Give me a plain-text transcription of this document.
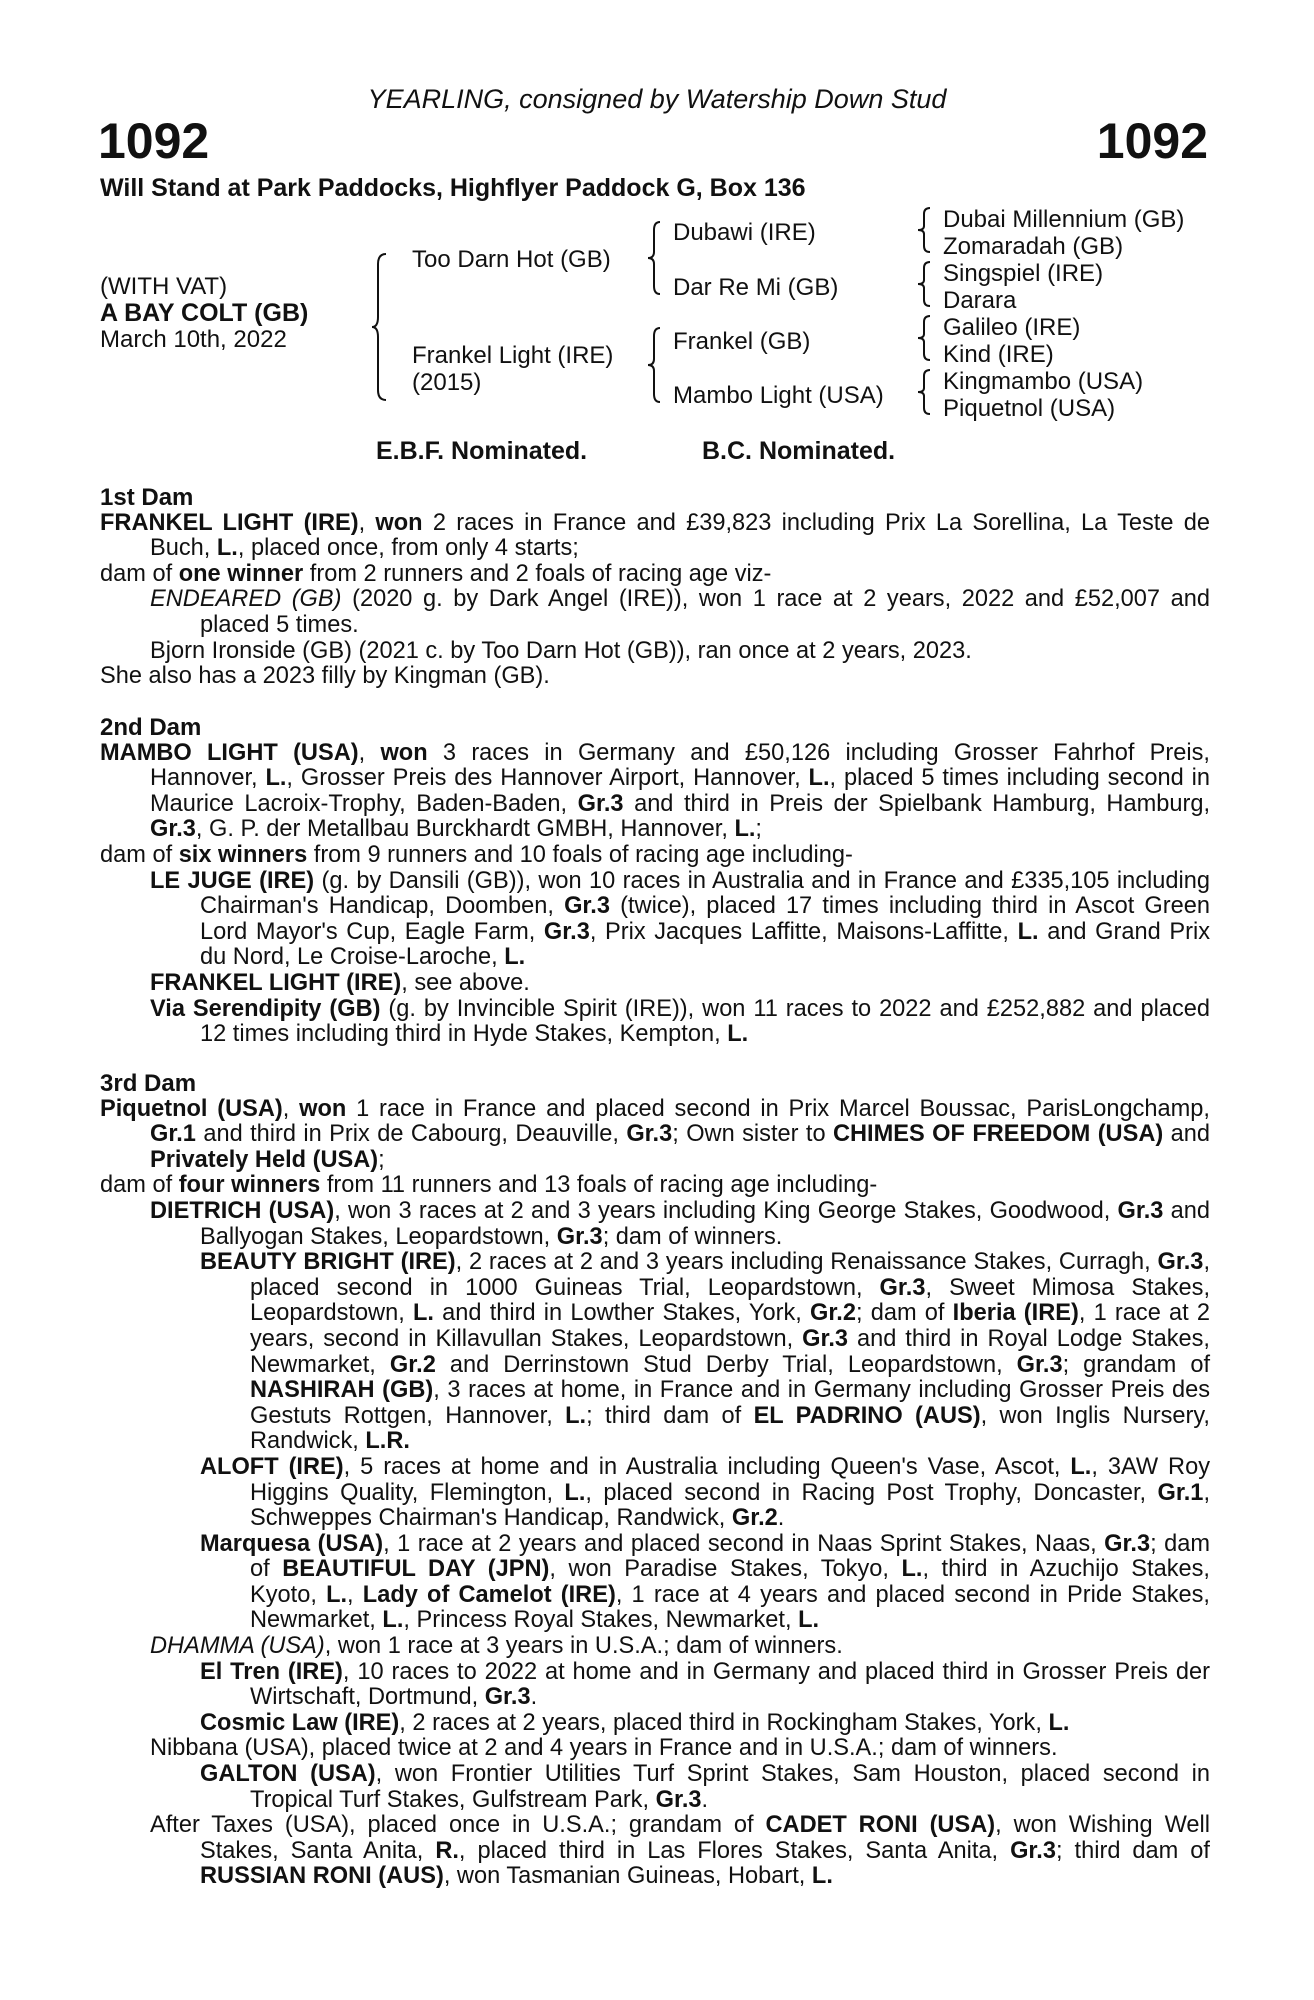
YEARLING, consigned by Watership Down Stud
1092	1092
Will Stand at Park Paddocks, Highflyer Paddock G, Box 136
(WITH VAT)
A BAY COLT (GB)
March 10th, 2022
Too Darn Hot (GB)
Frankel Light (IRE)
(2015)
Dubawi (IRE)
Dar Re Mi (GB)
Frankel (GB)
Mambo Light (USA)
Dubai Millennium (GB)
Zomaradah (GB)
Singspiel (IRE)
Darara
Galileo (IRE)
Kind (IRE)
Kingmambo (USA)
Piquetnol (USA)
E.B.F. Nominated.	B.C. Nominated.

1st Dam

FRANKEL LIGHT (IRE), won 2 races in France and £39,823 including Prix La Sorellina, La Teste de Buch, L., placed once, from only 4 starts;

dam of one winner from 2 runners and 2 foals of racing age viz-

ENDEARED (GB) (2020 g. by Dark Angel (IRE)), won 1 race at 2 years, 2022 and £52,007 and placed 5 times.

Bjorn Ironside (GB) (2021 c. by Too Darn Hot (GB)), ran once at 2 years, 2023.

She also has a 2023 filly by Kingman (GB).

2nd Dam

MAMBO LIGHT (USA), won 3 races in Germany and £50,126 including Grosser Fahrhof Preis, Hannover, L., Grosser Preis des Hannover Airport, Hannover, L., placed 5 times including second in Maurice Lacroix-Trophy, Baden-Baden, Gr.3 and third in Preis der Spielbank Hamburg, Hamburg, Gr.3, G. P. der Metallbau Burckhardt GMBH, Hannover, L.;

dam of six winners from 9 runners and 10 foals of racing age including-

LE JUGE (IRE) (g. by Dansili (GB)), won 10 races in Australia and in France and £335,105 including Chairman's Handicap, Doomben, Gr.3 (twice), placed 17 times including third in Ascot Green Lord Mayor's Cup, Eagle Farm, Gr.3, Prix Jacques Laffitte, Maisons-Laffitte, L. and Grand Prix du Nord, Le Croise-Laroche, L.

FRANKEL LIGHT (IRE), see above.

Via Serendipity (GB) (g. by Invincible Spirit (IRE)), won 11 races to 2022 and £252,882 and placed 12 times including third in Hyde Stakes, Kempton, L.

3rd Dam

Piquetnol (USA), won 1 race in France and placed second in Prix Marcel Boussac, ParisLongchamp, Gr.1 and third in Prix de Cabourg, Deauville, Gr.3; Own sister to CHIMES OF FREEDOM (USA) and Privately Held (USA);

dam of four winners from 11 runners and 13 foals of racing age including-

DIETRICH (USA), won 3 races at 2 and 3 years including King George Stakes, Goodwood, Gr.3 and Ballyogan Stakes, Leopardstown, Gr.3; dam of winners.

BEAUTY BRIGHT (IRE), 2 races at 2 and 3 years including Renaissance Stakes, Curragh, Gr.3, placed second in 1000 Guineas Trial, Leopardstown, Gr.3, Sweet Mimosa Stakes, Leopardstown, L. and third in Lowther Stakes, York, Gr.2; dam of Iberia (IRE), 1 race at 2 years, second in Killavullan Stakes, Leopardstown, Gr.3 and third in Royal Lodge Stakes, Newmarket, Gr.2 and Derrinstown Stud Derby Trial, Leopardstown, Gr.3; grandam of NASHIRAH (GB), 3 races at home, in France and in Germany including Grosser Preis des Gestuts Rottgen, Hannover, L.; third dam of EL PADRINO (AUS), won Inglis Nursery, Randwick, L.R.

ALOFT (IRE), 5 races at home and in Australia including Queen's Vase, Ascot, L., 3AW Roy Higgins Quality, Flemington, L., placed second in Racing Post Trophy, Doncaster, Gr.1, Schweppes Chairman's Handicap, Randwick, Gr.2.

Marquesa (USA), 1 race at 2 years and placed second in Naas Sprint Stakes, Naas, Gr.3; dam of BEAUTIFUL DAY (JPN), won Paradise Stakes, Tokyo, L., third in Azuchijo Stakes, Kyoto, L., Lady of Camelot (IRE), 1 race at 4 years and placed second in Pride Stakes, Newmarket, L., Princess Royal Stakes, Newmarket, L.

DHAMMA (USA), won 1 race at 3 years in U.S.A.; dam of winners.

El Tren (IRE), 10 races to 2022 at home and in Germany and placed third in Grosser Preis der Wirtschaft, Dortmund, Gr.3.

Cosmic Law (IRE), 2 races at 2 years, placed third in Rockingham Stakes, York, L.

Nibbana (USA), placed twice at 2 and 4 years in France and in U.S.A.; dam of winners.

GALTON (USA), won Frontier Utilities Turf Sprint Stakes, Sam Houston, placed second in Tropical Turf Stakes, Gulfstream Park, Gr.3.

After Taxes (USA), placed once in U.S.A.; grandam of CADET RONI (USA), won Wishing Well Stakes, Santa Anita, R., placed third in Las Flores Stakes, Santa Anita, Gr.3; third dam of RUSSIAN RONI (AUS), won Tasmanian Guineas, Hobart, L.
